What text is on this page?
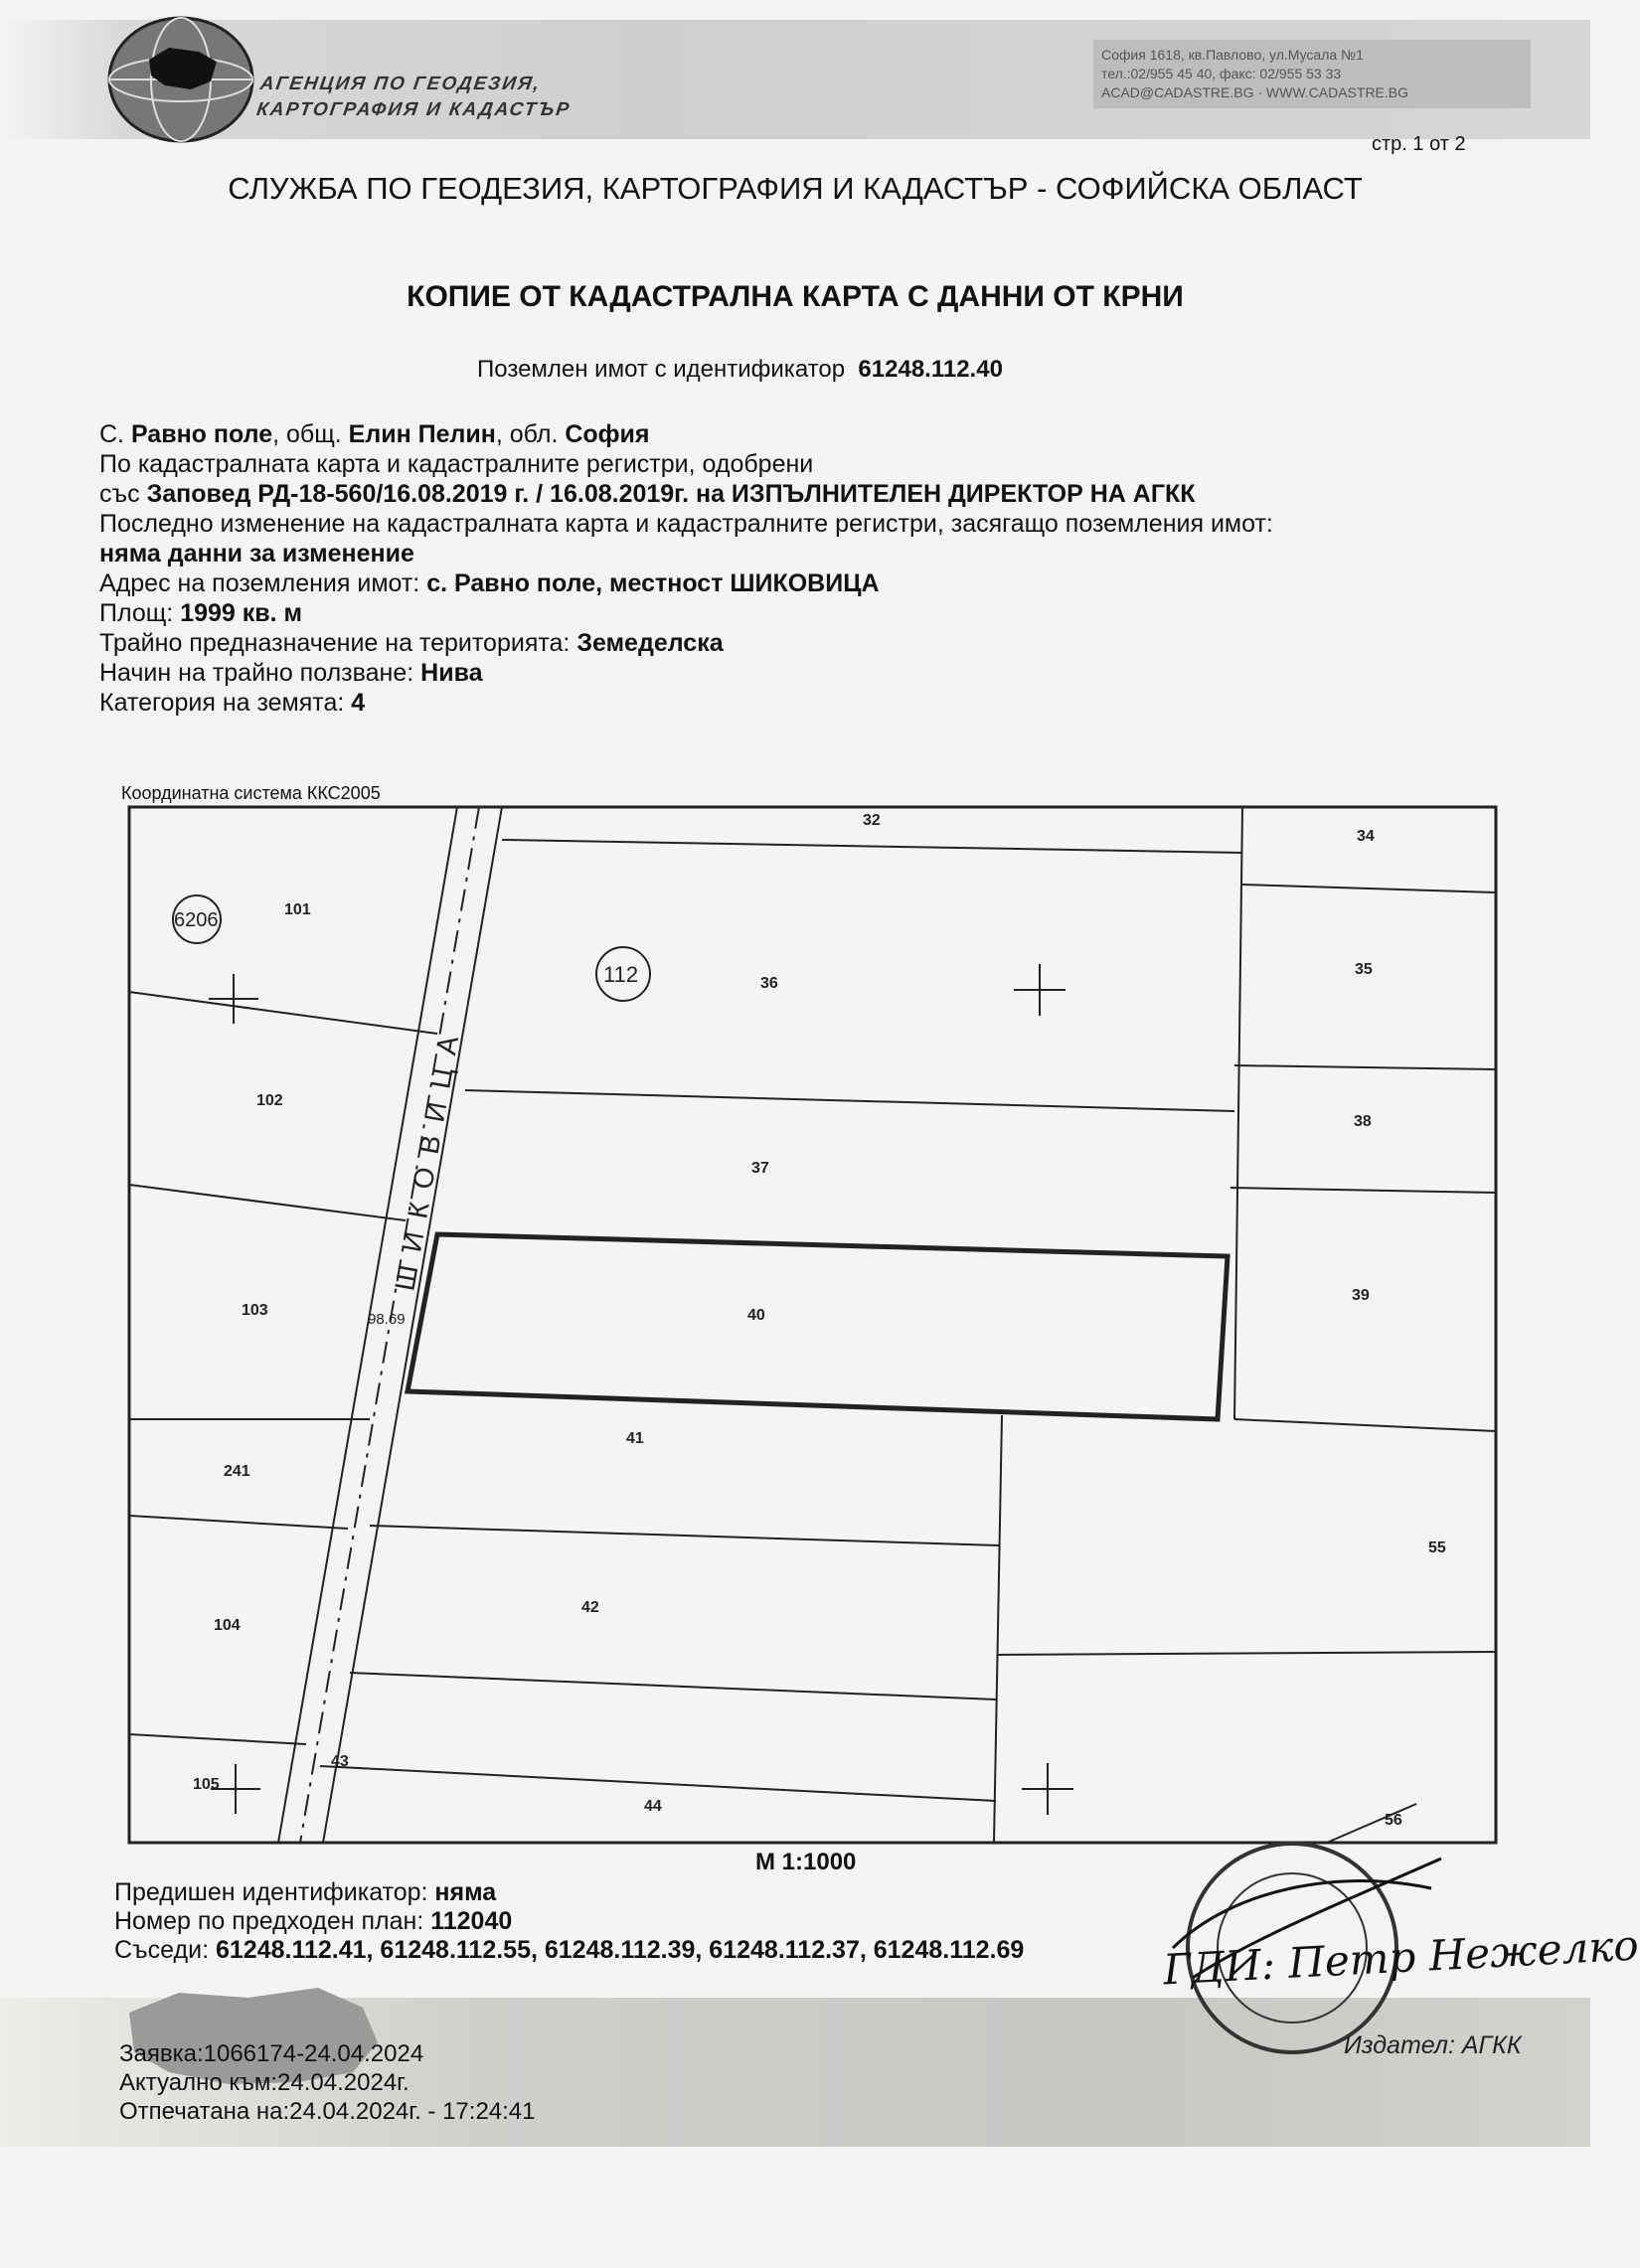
АГЕНЦИЯ ПО ГЕОДЕЗИЯ,
КАРТОГРАФИЯ И КАДАСТЪР
София 1618, кв.Павлово, ул.Мусала №1
тел.:02/955 45 40, факс: 02/955 53 33
ACAD@CADASTRE.BG · WWW.CADASTRE.BG
стр. 1 от 2
СЛУЖБА ПО ГЕОДЕЗИЯ, КАРТОГРАФИЯ И КАДАСТЪР - СОФИЙСКА ОБЛАСТ
КОПИЕ ОТ КАДАСТРАЛНА КАРТА С ДАННИ ОТ КРНИ
Поземлен имот с идентификатор 61248.112.40
С. Равно поле, общ. Елин Пелин, обл. София
По кадастралната карта и кадастралните регистри, одобрени
със Заповед РД-18-560/16.08.2019 г. / 16.08.2019г. на ИЗПЪЛНИТЕЛЕН ДИРЕКТОР НА АГКК
Последно изменение на кадастралната карта и кадастралните регистри, засягащо поземления имот:
няма данни за изменение
Адрес на поземления имот: с. Равно поле, местност ШИКОВИЦА
Площ: 1999 кв. м
Трайно предназначение на територията: Земеделска
Начин на трайно ползване: Нива
Категория на земята: 4
Координатна система ККС2005
6206
112
101
102
103
241
104
105
32
34
35
36
37
38
39
40
41
42
43
44
55
56
98.69
ШИКОВИЦА
М 1:1000
Предишен идентификатор: няма
Номер по предходен план: 112040
Съседи: 61248.112.41, 61248.112.55, 61248.112.39, 61248.112.37, 61248.112.69	ГДИ: Петр Нежелко
Заявка:1066174-24.04.2024
Актуално към:24.04.2024г.
Отпечатана на:24.04.2024г. - 17:24:41
Издател: АГКК
